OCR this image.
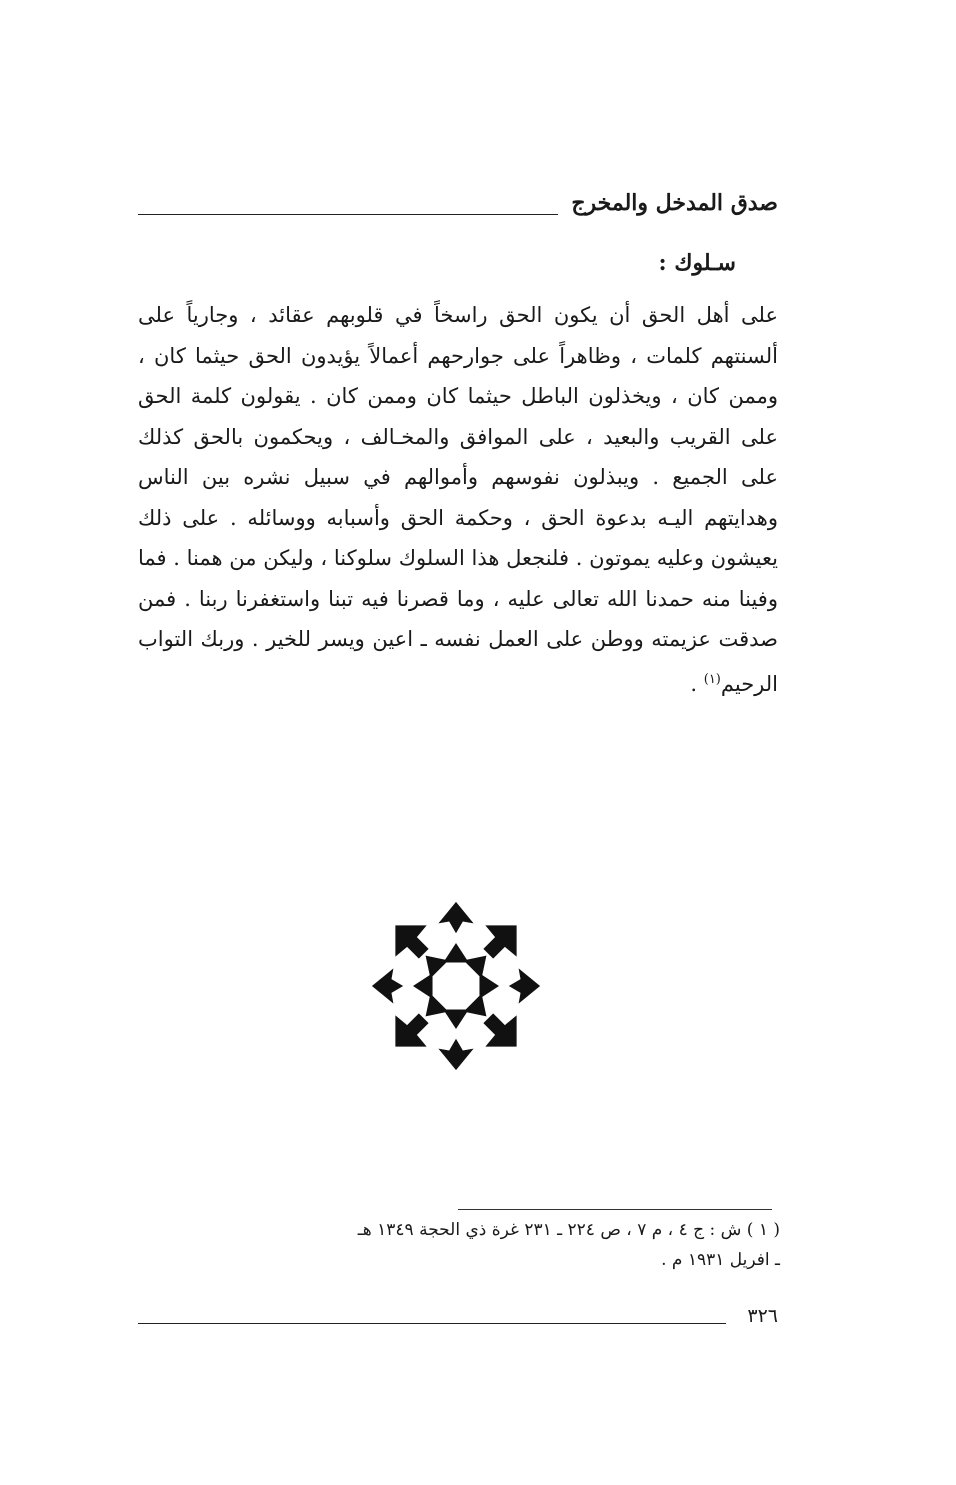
صدق المدخل والمخرج
سـلوك :

على أهل الحق أن يكون الحق راسخاً في قلوبهم عقائد ، وجارياً على ألسنتهم كلمات ، وظاهراً على جوارحهم أعمالاً يؤيدون الحق حيثما كان ، وممن كان ، ويخذلون الباطل حيثما كان وممن كان . يقولون كلمة الحق على القريب والبعيد ، على الموافق والمخـالف ، ويحكمون بالحق كذلك على الجميع . ويبذلون نفوسهم وأموالهم في سبيل نشره بين الناس وهدايتهم اليـه بدعوة الحق ، وحكمة الحق وأسبابه ووسائله . على ذلك يعيشون وعليه يموتون . فلنجعل هذا السلوك سلوكنا ، وليكن من همنا . فما وفينا منه حمدنا الله تعالى عليه ، وما قصرنا فيه تبنا واستغفرنا ربنا . فمن صدقت عزيمته ووطن على العمل نفسه ـ اعين ويسر للخير . وربك التواب الرحيم$^{(١)}$ .

( ١ ) ش : ج ٤ ، م ٧ ، ص ٢٢٤ ـ ٢٣١ غرة ذي الحجة ١٣٤٩ هـ

ـ افريل ١٩٣١ م .

٣٢٦
